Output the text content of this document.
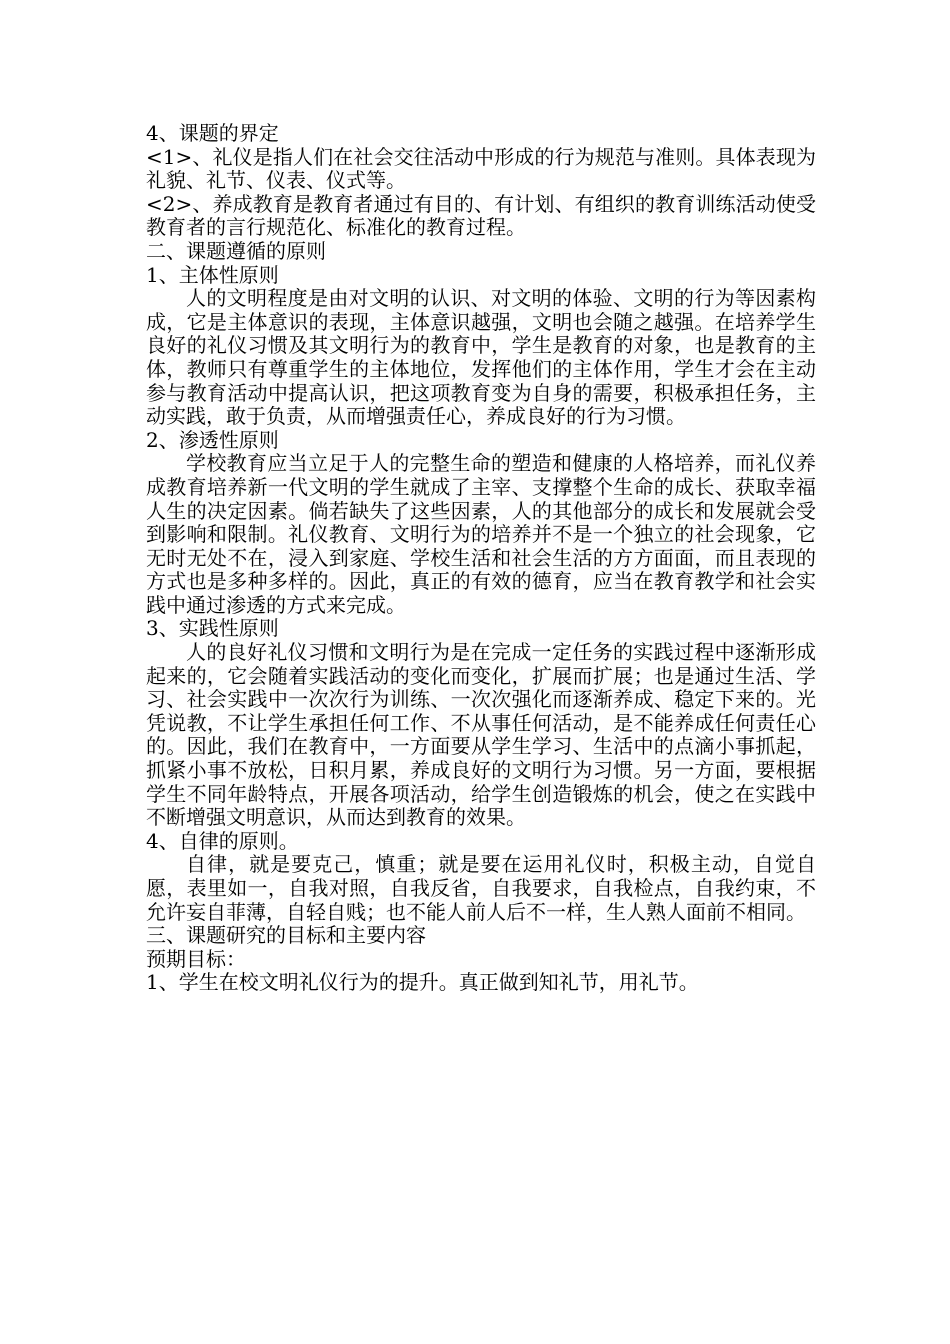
4、课题的界定

<1>、礼仪是指人们在社会交往活动中形成的行为规范与准则。具体表现为礼貌、礼节、仪表、仪式等。

<2>、养成教育是教育者通过有目的、有计划、有组织的教育训练活动使受教育者的言行规范化、标准化的教育过程。

二、课题遵循的原则

1、主体性原则

人的文明程度是由对文明的认识、对文明的体验、文明的行为等因素构成，它是主体意识的表现，主体意识越强，文明也会随之越强。在培养学生良好的礼仪习惯及其文明行为的教育中，学生是教育的对象，也是教育的主体，教师只有尊重学生的主体地位，发挥他们的主体作用，学生才会在主动参与教育活动中提高认识，把这项教育变为自身的需要，积极承担任务，主动实践，敢于负责，从而增强责任心，养成良好的行为习惯。

2、渗透性原则

学校教育应当立足于人的完整生命的塑造和健康的人格培养，而礼仪养成教育培养新一代文明的学生就成了主宰、支撑整个生命的成长、获取幸福人生的决定因素。倘若缺失了这些因素，人的其他部分的成长和发展就会受到影响和限制。礼仪教育、文明行为的培养并不是一个独立的社会现象，它无时无处不在，浸入到家庭、学校生活和社会生活的方方面面，而且表现的方式也是多种多样的。因此，真正的有效的德育，应当在教育教学和社会实践中通过渗透的方式来完成。

3、实践性原则

人的良好礼仪习惯和文明行为是在完成一定任务的实践过程中逐渐形成起来的，它会随着实践活动的变化而变化，扩展而扩展；也是通过生活、学习、社会实践中一次次行为训练、一次次强化而逐渐养成、稳定下来的。光凭说教，不让学生承担任何工作、不从事任何活动，是不能养成任何责任心的。因此，我们在教育中，一方面要从学生学习、生活中的点滴小事抓起，抓紧小事不放松，日积月累，养成良好的文明行为习惯。另一方面，要根据学生不同年龄特点，开展各项活动，给学生创造锻炼的机会，使之在实践中不断增强文明意识，从而达到教育的效果。

4、自律的原则。

自律，就是要克己，慎重；就是要在运用礼仪时，积极主动，自觉自愿，表里如一，自我对照，自我反省，自我要求，自我检点，自我约束，不允许妄自菲薄，自轻自贱；也不能人前人后不一样，生人熟人面前不相同。

三、课题研究的目标和主要内容

预期目标：

1、学生在校文明礼仪行为的提升。真正做到知礼节，用礼节。
